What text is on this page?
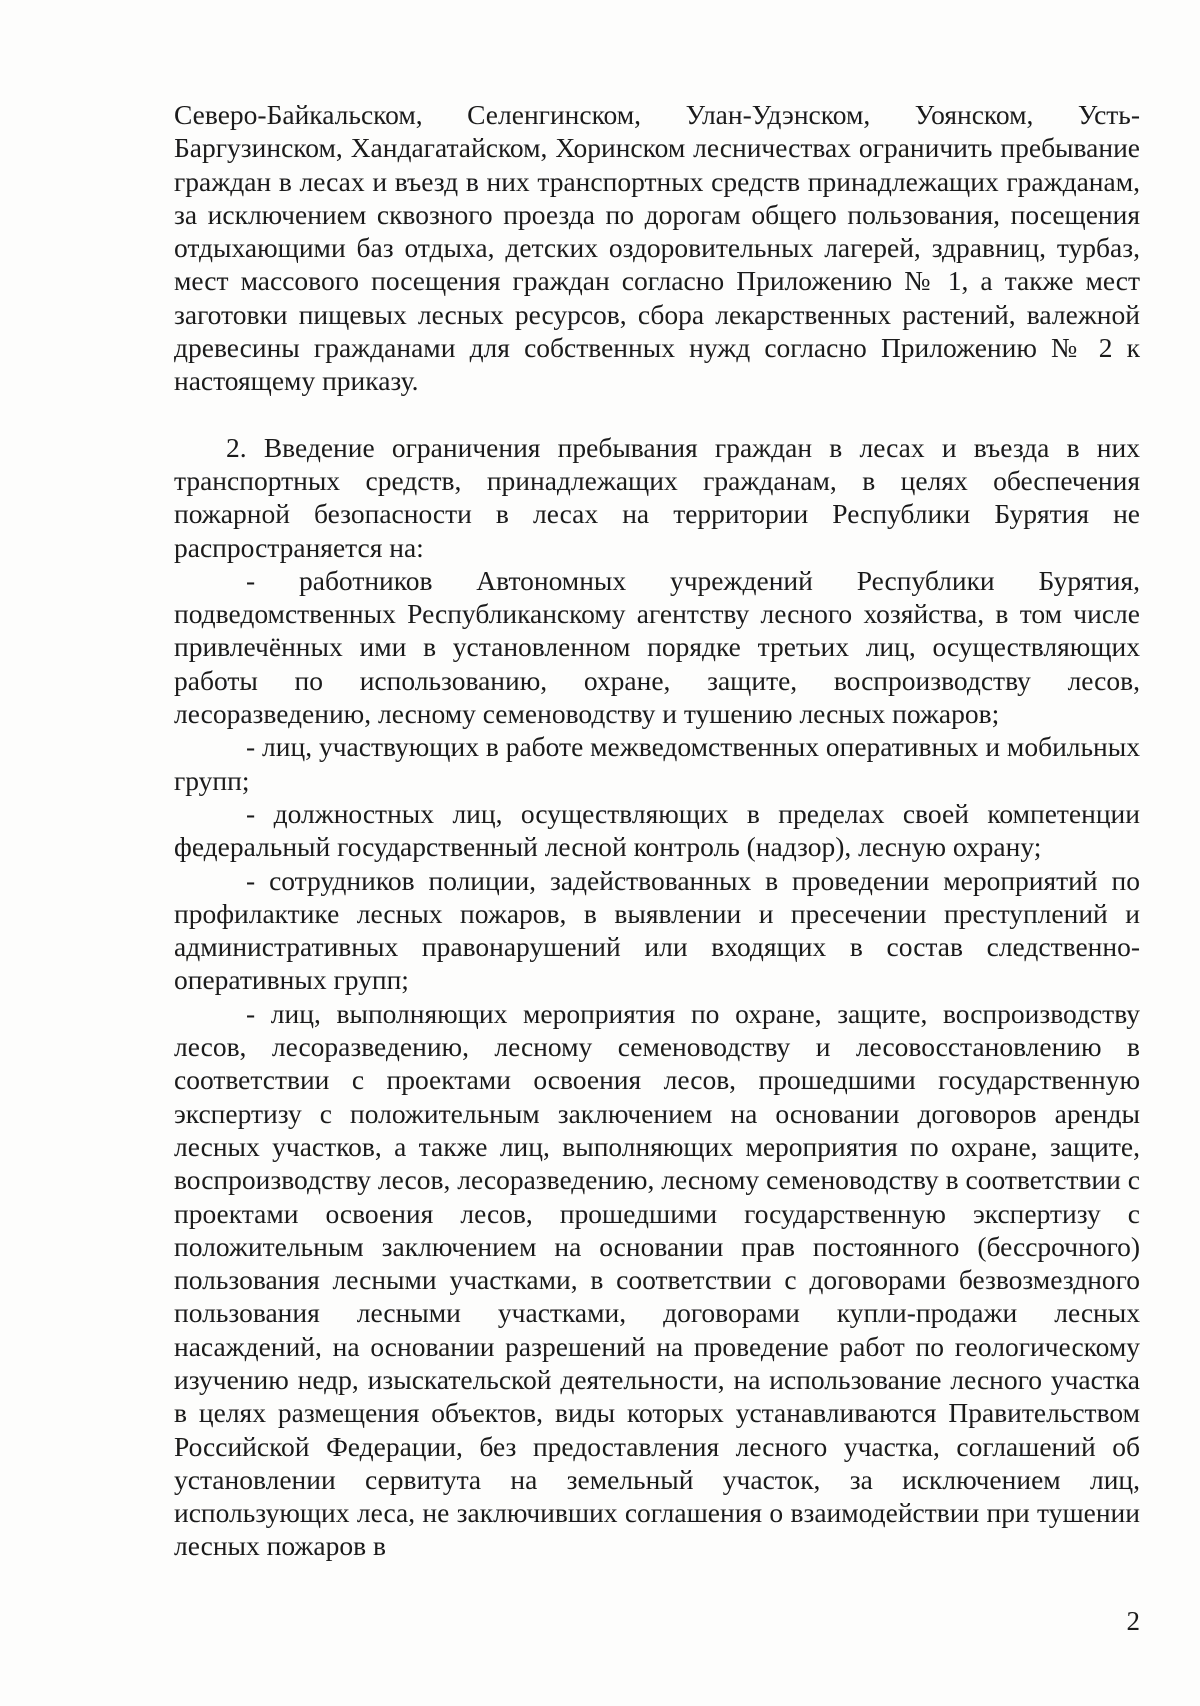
Северо-Байкальском, Селенгинском, Улан-Удэнском, Уоянском, Усть-Баргузинском, Хандагатайском, Хоринском лесничествах ограничить пребывание граждан в лесах и въезд в них транспортных средств принадлежащих гражданам, за исключением сквозного проезда по дорогам общего пользования, посещения отдыхающими баз отдыха, детских оздоровительных лагерей, здравниц, турбаз, мест массового посещения граждан согласно Приложению № 1, а также мест заготовки пищевых лесных ресурсов, сбора лекарственных растений, валежной древесины гражданами для собственных нужд согласно Приложению № 2 к настоящему приказу.

2. Введение ограничения пребывания граждан в лесах и въезда в них транспортных средств, принадлежащих гражданам, в целях обеспечения пожарной безопасности в лесах на территории Республики Бурятия не распространяется на:

- работников Автономных учреждений Республики Бурятия, подведомственных Республиканскому агентству лесного хозяйства, в том числе привлечённых ими в установленном порядке третьих лиц, осуществляющих работы по использованию, охране, защите, воспроизводству лесов, лесоразведению, лесному семеноводству и тушению лесных пожаров;

- лиц, участвующих в работе межведомственных оперативных и мобильных групп;

- должностных лиц, осуществляющих в пределах своей компетенции федеральный государственный лесной контроль (надзор), лесную охрану;

- сотрудников полиции, задействованных в проведении мероприятий по профилактике лесных пожаров, в выявлении и пресечении преступлений и административных правонарушений или входящих в состав следственно-оперативных групп;

- лиц, выполняющих мероприятия по охране, защите, воспроизводству лесов, лесоразведению, лесному семеноводству и лесовосстановлению в соответствии с проектами освоения лесов, прошедшими государственную экспертизу с положительным заключением на основании договоров аренды лесных участков, а также лиц, выполняющих мероприятия по охране, защите, воспроизводству лесов, лесоразведению, лесному семеноводству в соответствии с проектами освоения лесов, прошедшими государственную экспертизу с положительным заключением на основании прав постоянного (бессрочного) пользования лесными участками, в соответствии с договорами безвозмездного пользования лесными участками, договорами купли-продажи лесных насаждений, на основании разрешений на проведение работ по геологическому изучению недр, изыскательской деятельности, на использование лесного участка в целях размещения объектов, виды которых устанавливаются Правительством Российской Федерации, без предоставления лесного участка, соглашений об установлении сервитута на земельный участок, за исключением лиц, использующих леса, не заключивших соглашения о взаимодействии при тушении лесных пожаров в

2
